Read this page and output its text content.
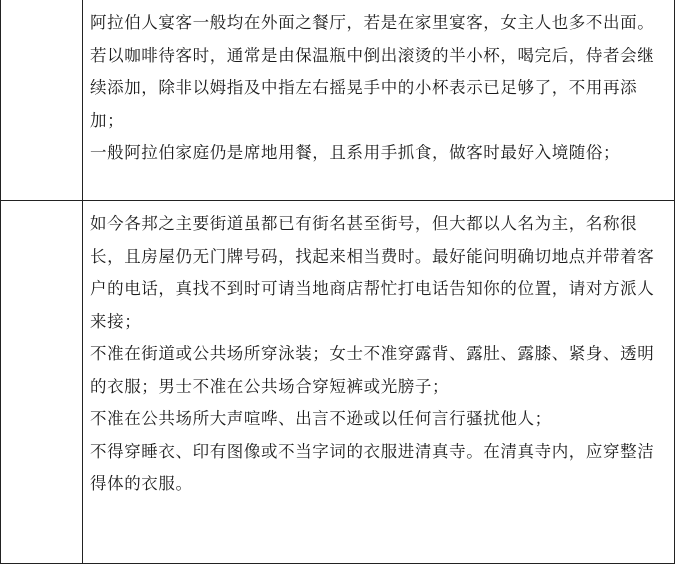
阿拉伯人宴客一般均在外面之餐厅，若是在家里宴客，女主人也多不出面。

若以咖啡待客时，通常是由保温瓶中倒出滚烫的半小杯，喝完后，侍者会继续添加，除非以姆指及中指左右摇晃手中的小杯表示已足够了，不用再添加；

一般阿拉伯家庭仍是席地用餐，且系用手抓食，做客时最好入境随俗；

如今各邦之主要街道虽都已有街名甚至街号，但大都以人名为主，名称很长，且房屋仍无门牌号码，找起来相当费时。最好能问明确切地点并带着客户的电话，真找不到时可请当地商店帮忙打电话告知你的位置，请对方派人来接；

不准在街道或公共场所穿泳装；女士不准穿露背、露肚、露膝、紧身、透明的衣服；男士不准在公共场合穿短裤或光膀子；

不准在公共场所大声喧哗、出言不逊或以任何言行骚扰他人；

不得穿睡衣、印有图像或不当字词的衣服进清真寺。在清真寺内，应穿整洁得体的衣服。
